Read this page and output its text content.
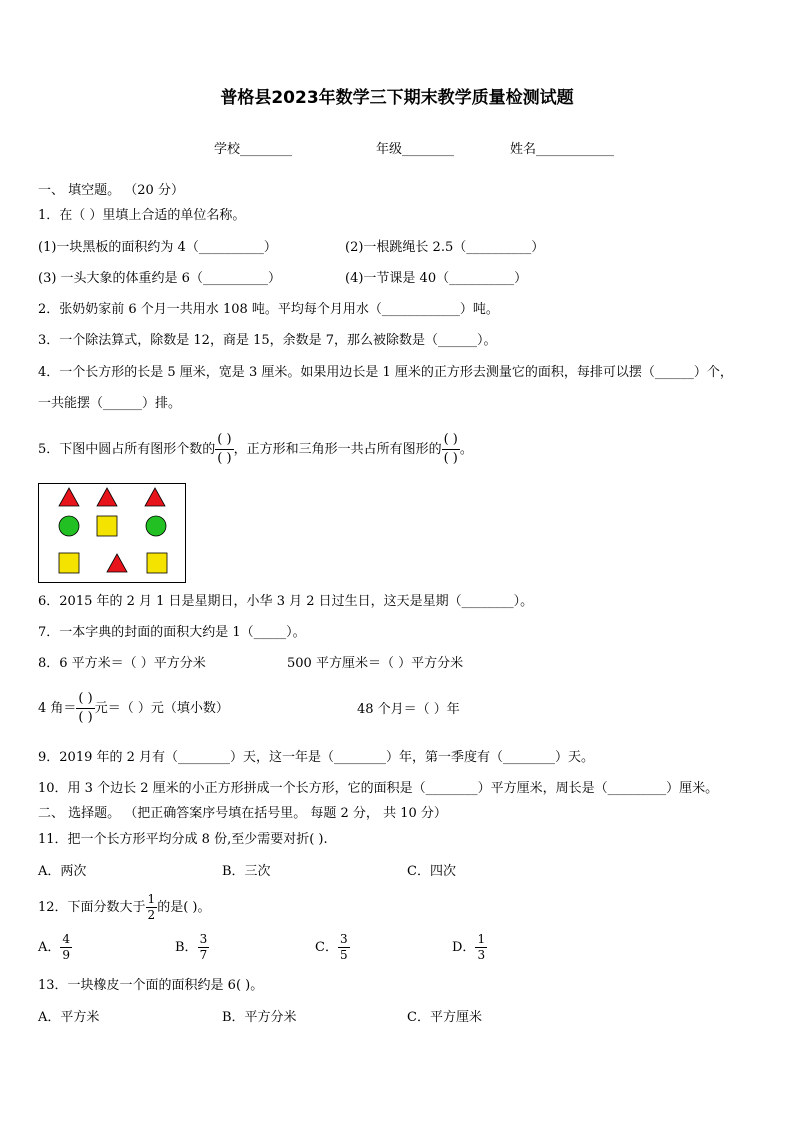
普格县2023年数学三下期末教学质量检测试题
学校________	年级________	姓名____________
一、 填空题。 （20 分）
1．在（ ）里填上合适的单位名称。
(1)一块黑板的面积约为 4（__________）	(2)一根跳绳长 2.5（__________）
(3) 一头大象的体重约是 6（__________）	(4)一节课是 40（__________）
2．张奶奶家前 6 个月一共用水 108 吨。平均每个月用水（____________）吨。
3．一个除法算式，除数是 12，商是 15，余数是 7，那么被除数是（______）。
4．一个长方形的长是 5 厘米，宽是 3 厘米。如果用边长是 1 厘米的正方形去测量它的面积，每排可以摆（______）个，
一共能摆（______）排。
5．下图中圆占所有图形个数的 $\frac{( )}{( )}$ ，正方形和三角形一共占所有图形的 $\frac{( )}{( )}$ 。
6．2015 年的 2 月 1 日是星期日，小华 3 月 2 日过生日，这天是星期（________）。
7．一本字典的封面的面积大约是 1（_____）。
8．6 平方米＝（ ）平方分米	500 平方厘米＝（ ）平方分米
4 角＝ $\frac{( )}{( )}$ 元＝（ ）元（填小数）	48 个月＝（ ）年
9．2019 年的 2 月有（________）天，这一年是（________）年，第一季度有（________）天。
10．用 3 个边长 2 厘米的小正方形拼成一个长方形，它的面积是（________）平方厘米，周长是（_________）厘米。
二、 选择题。 （把正确答案序号填在括号里。 每题 2 分， 共 10 分）
11．把一个长方形平均分成 8 份,至少需要对折( ).
A．两次	B．三次	C．四次
12．下面分数大于 $\frac{1}{2}$ 的是( )。
A． $\frac{4}{9}$	B． $\frac{3}{7}$	C． $\frac{3}{5}$	D． $\frac{1}{3}$
13．一块橡皮一个面的面积约是 6( )。
A．平方米	B．平方分米	C．平方厘米
